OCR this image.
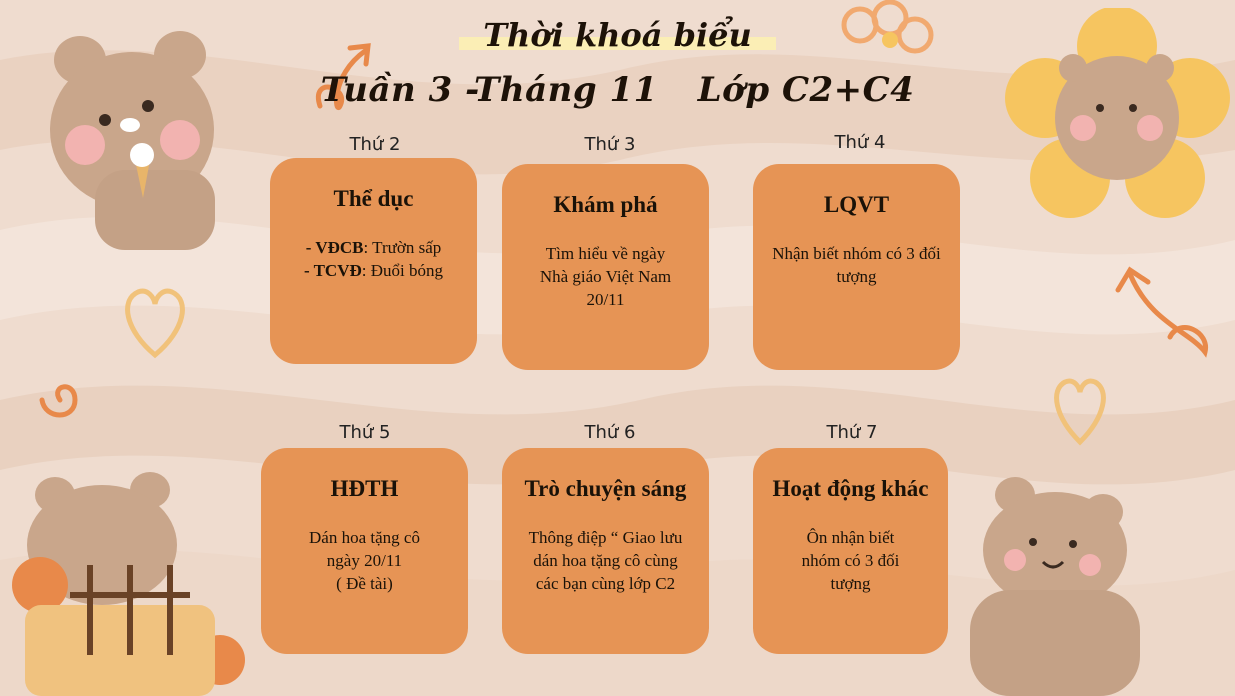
Thời khoá biểu
Tuần 3 -Tháng 11 Lớp C2+C4
Thứ 2	Thứ 3	Thứ 4
Thứ 5	Thứ 6	Thứ 7
Thể dục
- VĐCB: Trườn sấp
- TCVĐ: Đuổi bóng
Khám phá
Tìm hiểu về ngày
Nhà giáo Việt Nam
20/11
LQVT
Nhận biết nhóm có 3 đối
tượng
HĐTH
Dán hoa tặng cô
ngày 20/11
( Đề tài)
Trò chuyện sáng
Thông điệp “ Giao lưu
dán hoa tặng cô cùng
các bạn cùng lớp C2
Hoạt động khác
Ôn nhận biết
nhóm có 3 đối
tượng
